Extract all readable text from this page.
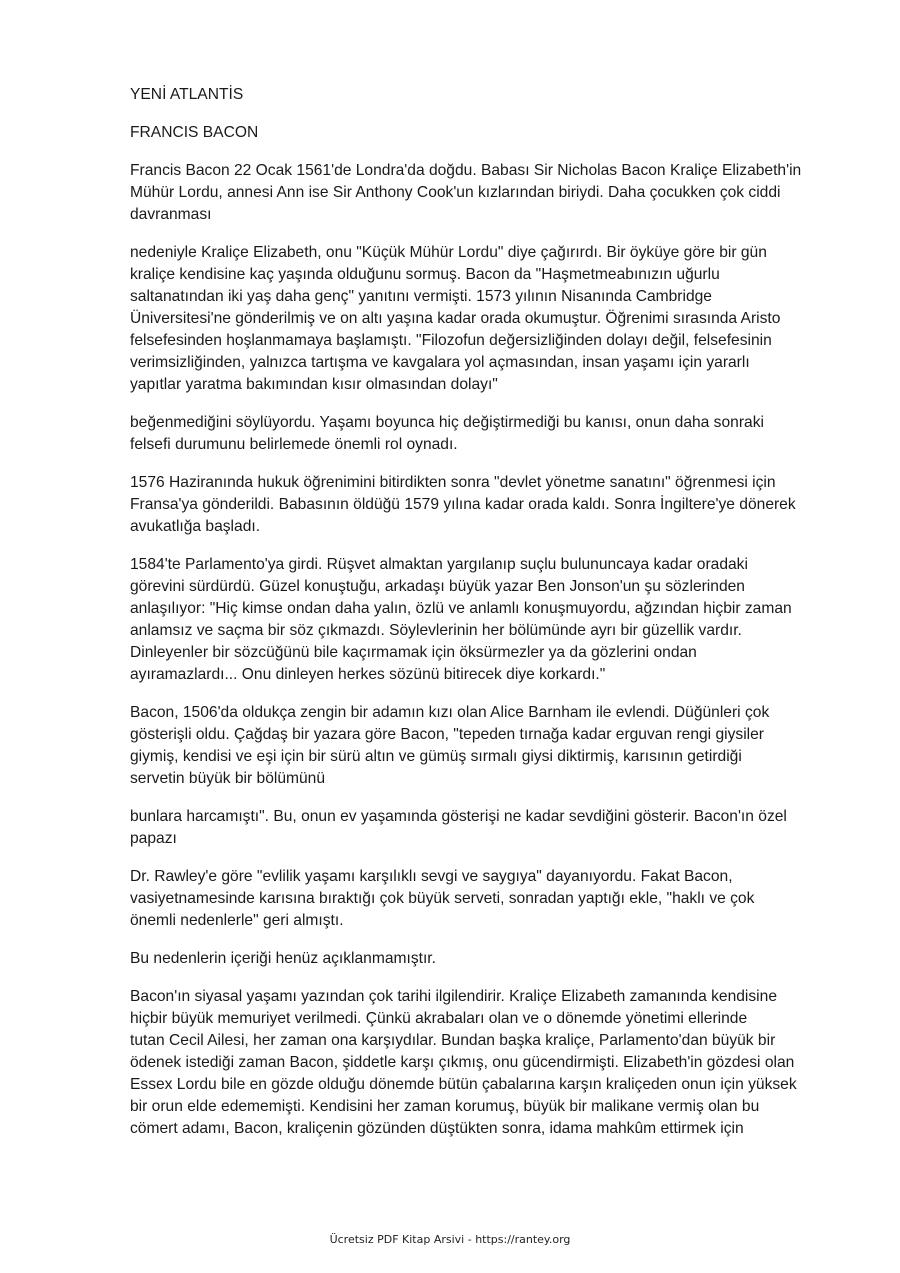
YENİ ATLANTİS

FRANCIS BACON

Francis Bacon 22 Ocak 1561'de Londra'da doğdu. Babası Sir Nicholas Bacon Kraliçe Elizabeth'in

Mühür Lordu, annesi Ann ise Sir Anthony Cook'un kızlarından biriydi. Daha çocukken çok ciddi

davranması

nedeniyle Kraliçe Elizabeth, onu "Küçük Mühür Lordu" diye çağırırdı. Bir öyküye göre bir gün

kraliçe kendisine kaç yaşında olduğunu sormuş. Bacon da "Haşmetmeabınızın uğurlu

saltanatından iki yaş daha genç" yanıtını vermişti. 1573 yılının Nisanında Cambridge

Üniversitesi'ne gönderilmiş ve on altı yaşına kadar orada okumuştur. Öğrenimi sırasında Aristo

felsefesinden hoşlanmamaya başlamıştı. "Filozofun değersizliğinden dolayı değil, felsefesinin

verimsizliğinden, yalnızca tartışma ve kavgalara yol açmasından, insan yaşamı için yararlı

yapıtlar yaratma bakımından kısır olmasından dolayı"

beğenmediğini söylüyordu. Yaşamı boyunca hiç değiştirmediği bu kanısı, onun daha sonraki

felsefi durumunu belirlemede önemli rol oynadı.

1576 Haziranında hukuk öğrenimini bitirdikten sonra "devlet yönetme sanatını" öğrenmesi için

Fransa'ya gönderildi. Babasının öldüğü 1579 yılına kadar orada kaldı. Sonra İngiltere'ye dönerek

avukatlığa başladı.

1584'te Parlamento'ya girdi. Rüşvet almaktan yargılanıp suçlu bulununcaya kadar oradaki

görevini sürdürdü. Güzel konuştuğu, arkadaşı büyük yazar Ben Jonson'un şu sözlerinden

anlaşılıyor: "Hiç kimse ondan daha yalın, özlü ve anlamlı konuşmuyordu, ağzından hiçbir zaman

anlamsız ve saçma bir söz çıkmazdı. Söylevlerinin her bölümünde ayrı bir güzellik vardır.

Dinleyenler bir sözcüğünü bile kaçırmamak için öksürmezler ya da gözlerini ondan

ayıramazlardı... Onu dinleyen herkes sözünü bitirecek diye korkardı."

Bacon, 1506'da oldukça zengin bir adamın kızı olan Alice Barnham ile evlendi. Düğünleri çok

gösterişli oldu. Çağdaş bir yazara göre Bacon, "tepeden tırnağa kadar erguvan rengi giysiler

giymiş, kendisi ve eşi için bir sürü altın ve gümüş sırmalı giysi diktirmiş, karısının getirdiği

servetin büyük bir bölümünü

bunlara harcamıştı". Bu, onun ev yaşamında gösterişi ne kadar sevdiğini gösterir. Bacon'ın özel

papazı

Dr. Rawley'e göre "evlilik yaşamı karşılıklı sevgi ve saygıya" dayanıyordu. Fakat Bacon,

vasiyetnamesinde karısına bıraktığı çok büyük serveti, sonradan yaptığı ekle, "haklı ve çok

önemli nedenlerle" geri almıştı.

Bu nedenlerin içeriği henüz açıklanmamıştır.

Bacon'ın siyasal yaşamı yazından çok tarihi ilgilendirir. Kraliçe Elizabeth zamanında kendisine

hiçbir büyük memuriyet verilmedi. Çünkü akrabaları olan ve o dönemde yönetimi ellerinde

tutan Cecil Ailesi, her zaman ona karşıydılar. Bundan başka kraliçe, Parlamento'dan büyük bir

ödenek istediği zaman Bacon, şiddetle karşı çıkmış, onu gücendirmişti. Elizabeth'in gözdesi olan

Essex Lordu bile en gözde olduğu dönemde bütün çabalarına karşın kraliçeden onun için yüksek

bir orun elde edememişti. Kendisini her zaman korumuş, büyük bir malikane vermiş olan bu

cömert adamı, Bacon, kraliçenin gözünden düştükten sonra, idama mahkûm ettirmek için

Ücretsiz PDF Kitap Arsivi - https://rantey.org
